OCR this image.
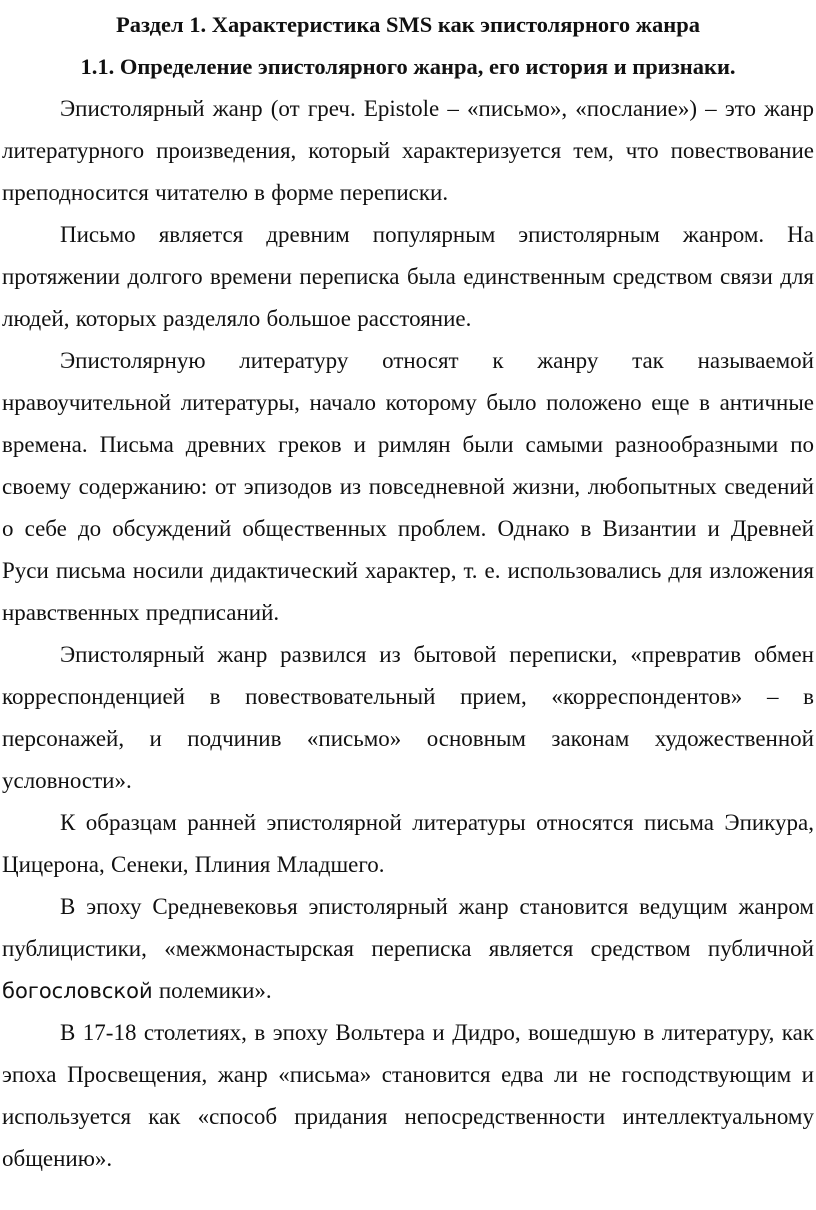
Раздел 1. Характеристика SMS как эпистолярного жанра
1.1. Определение эпистолярного жанра, его история и признаки.

Эпистолярный жанр (от греч. Epistole – «письмо», «послание») – это жанр литературного произведения, который характеризуется тем, что повествование преподносится читателю в форме переписки.

Письмо является древним популярным эпистолярным жанром. На протяжении долгого времени переписка была единственным средством связи для людей, которых разделяло большое расстояние.

Эпистолярную литературу относят к жанру так называемой нравоучительной литературы, начало которому было положено еще в античные времена. Письма древних греков и римлян были самыми разнообразными по своему содержанию: от эпизодов из повседневной жизни, любопытных сведений о себе до обсуждений общественных проблем. Однако в Византии и Древней Руси письма носили дидактический характер, т. е. использовались для изложения нравственных предписаний.

Эпистолярный жанр развился из бытовой переписки, «превратив обмен корреспонденцией в повествовательный прием, «корреспондентов» – в персонажей, и подчинив «письмо» основным законам художественной условности».

К образцам ранней эпистолярной литературы относятся письма Эпикура, Цицерона, Сенеки, Плиния Младшего.

В эпоху Средневековья эпистолярный жанр становится ведущим жанром публицистики, «межмонастырская переписка является средством публичной богословской полемики».

В 17-18 столетиях, в эпоху Вольтера и Дидро, вошедшую в литературу, как эпоха Просвещения, жанр «письма» становится едва ли не господствующим и используется как «способ придания непосредственности интеллектуальному общению».
